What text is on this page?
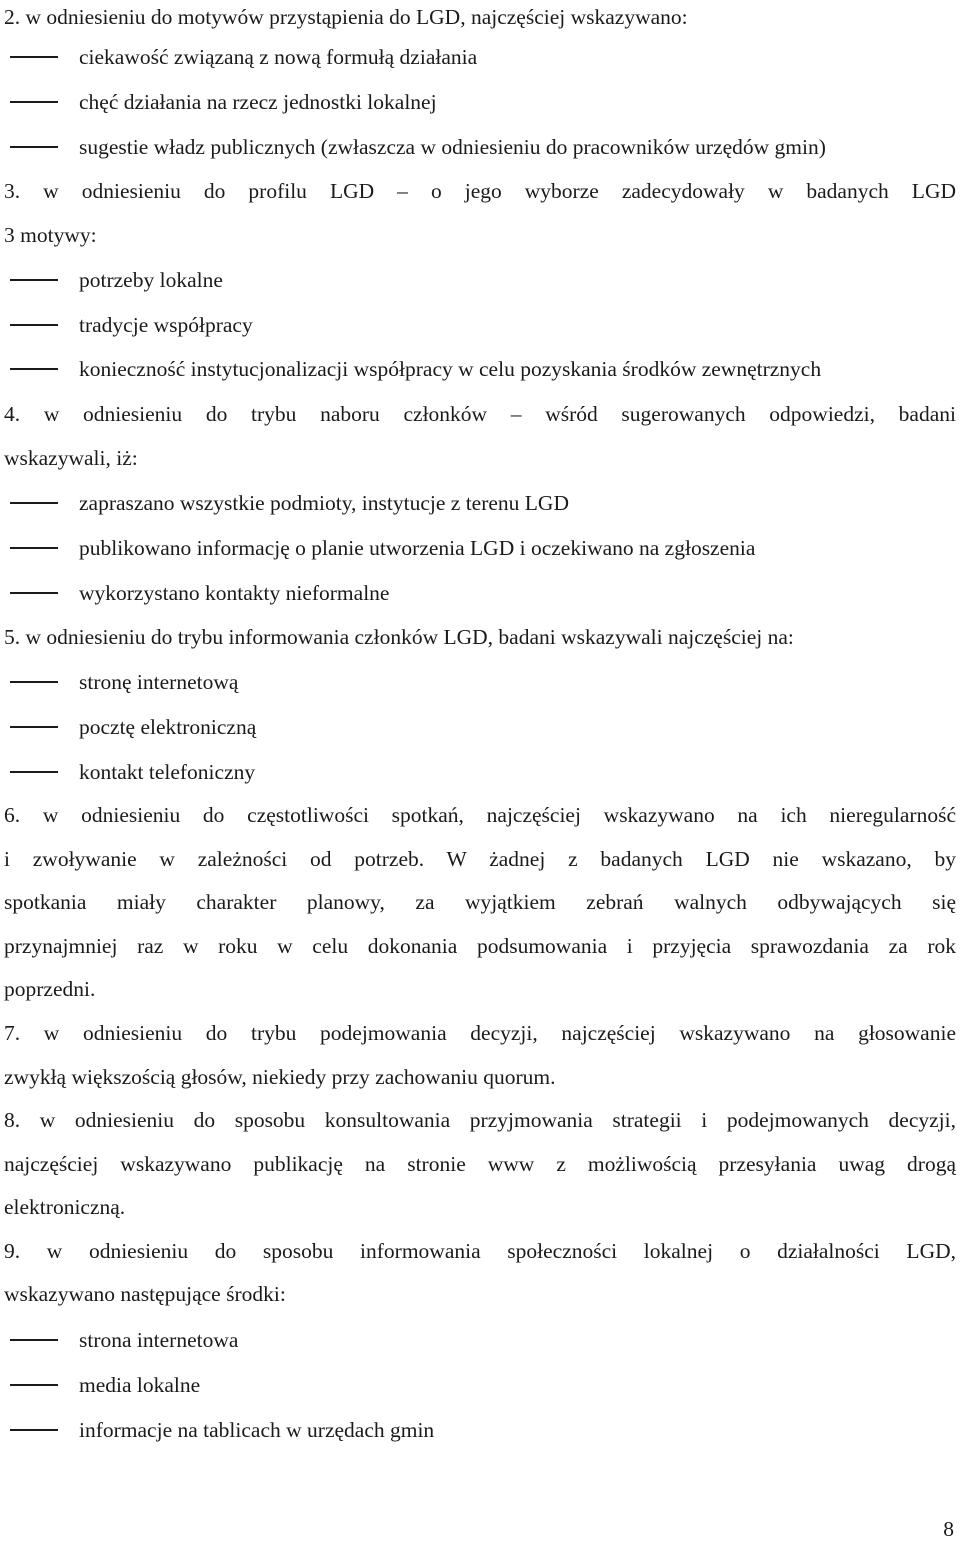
2. w odniesieniu do motywów przystąpienia do LGD, najczęściej wskazywano:

ciekawość związaną z nową formułą działania
chęć działania na rzecz jednostki lokalnej
sugestie władz publicznych (zwłaszcza w odniesieniu do pracowników urzędów gmin)

3. w odniesieniu do profilu LGD – o jego wyborze zadecydowały w badanych LGD

3 motywy:

potrzeby lokalne
tradycje współpracy
konieczność instytucjonalizacji współpracy w celu pozyskania środków zewnętrznych

4. w odniesieniu do trybu naboru członków – wśród sugerowanych odpowiedzi, badani

wskazywali, iż:

zapraszano wszystkie podmioty, instytucje z terenu LGD
publikowano informację o planie utworzenia LGD i oczekiwano na zgłoszenia
wykorzystano kontakty nieformalne

5. w odniesieniu do trybu informowania członków LGD, badani wskazywali najczęściej na:

stronę internetową
pocztę elektroniczną
kontakt telefoniczny

6. w odniesieniu do częstotliwości spotkań, najczęściej wskazywano na ich nieregularność

i zwoływanie w zależności od potrzeb. W żadnej z badanych LGD nie wskazano, by

spotkania miały charakter planowy, za wyjątkiem zebrań walnych odbywających się

przynajmniej raz w roku w celu dokonania podsumowania i przyjęcia sprawozdania za rok

poprzedni.

7. w odniesieniu do trybu podejmowania decyzji, najczęściej wskazywano na głosowanie

zwykłą większością głosów, niekiedy przy zachowaniu quorum.

8. w odniesieniu do sposobu konsultowania przyjmowania strategii i podejmowanych decyzji,

najczęściej wskazywano publikację na stronie www z możliwością przesyłania uwag drogą

elektroniczną.

9. w odniesieniu do sposobu informowania społeczności lokalnej o działalności LGD,

wskazywano następujące środki:

strona internetowa
media lokalne
informacje na tablicach w urzędach gmin
8
